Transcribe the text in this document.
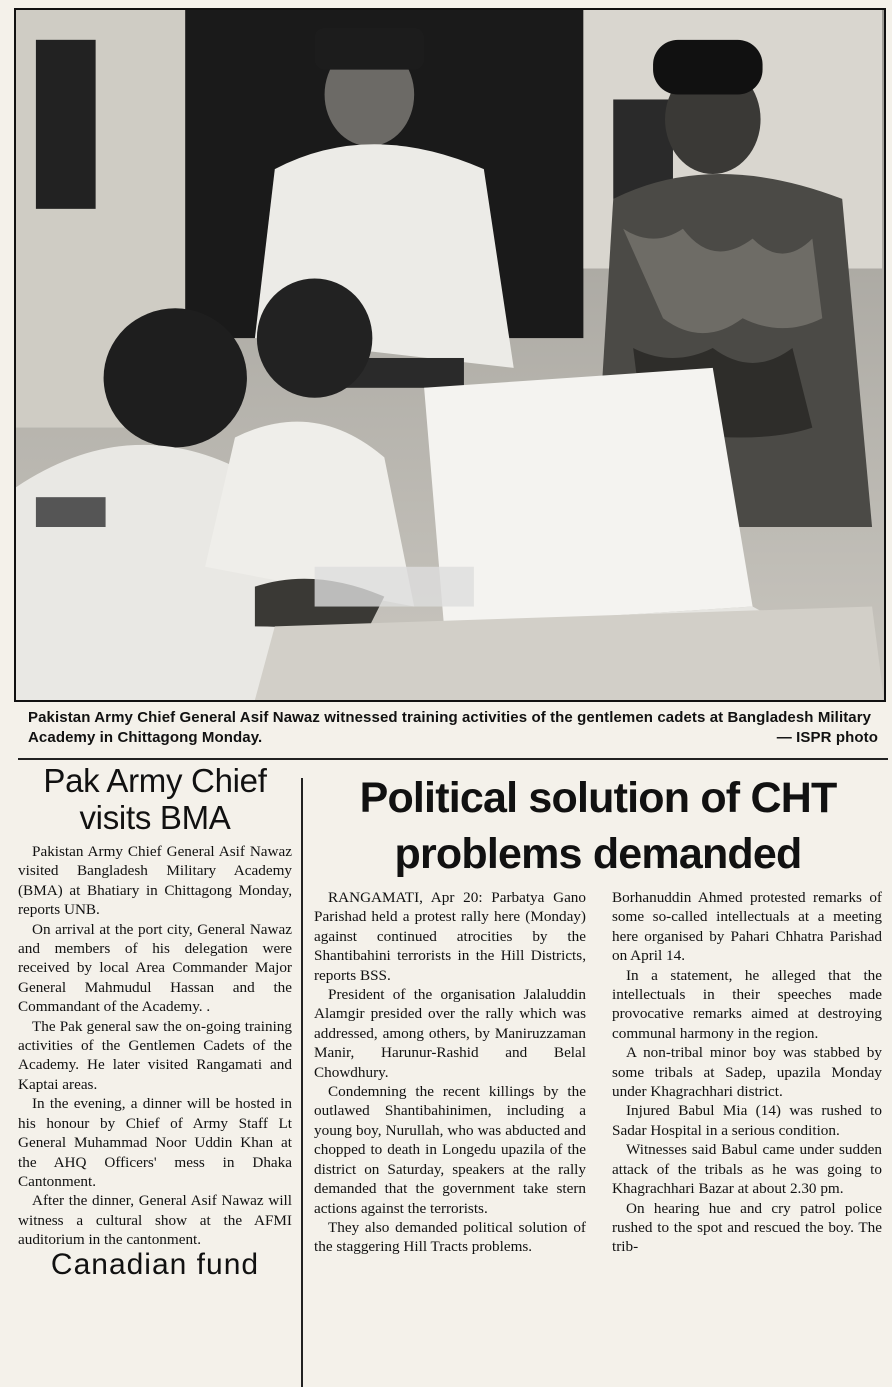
Pakistan Army Chief General Asif Nawaz witnessed training activities of the gentlemen cadets at Bangladesh Military Academy in Chittagong Monday.	— ISPR photo
Pak Army Chief visits BMA

Pakistan Army Chief General Asif Nawaz visited Bangladesh Military Academy (BMA) at Bhatiary in Chittagong Monday, reports UNB.

On arrival at the port city, General Nawaz and members of his delegation were received by local Area Commander Major General Mahmudul Hassan and the Commandant of the Academy. .

The Pak general saw the on-going training activities of the Gentlemen Cadets of the Academy. He later visited Rangamati and Kaptai areas.

In the evening, a dinner will be hosted in his honour by Chief of Army Staff Lt General Muhammad Noor Uddin Khan at the AHQ Officers' mess in Dhaka Cantonment.

After the dinner, General Asif Nawaz will witness a cultural show at the AFMI auditorium in the cantonment.

Canadian fund
Political solution of CHT problems demanded

RANGAMATI, Apr 20: Parbatya Gano Parishad held a protest rally here (Monday) against continued atrocities by the Shantibahini terrorists in the Hill Districts, reports BSS.

President of the organisation Jalaluddin Alamgir presided over the rally which was addressed, among others, by Maniruzzaman Manir, Harunur-Rashid and Belal Chowdhury.

Condemning the recent killings by the outlawed Shantibahinimen, including a young boy, Nurullah, who was abducted and chopped to death in Longedu upazila of the district on Saturday, speakers at the rally demanded that the government take stern actions against the terrorists.

They also demanded political solution of the staggering Hill Tracts problems.

Borhanuddin Ahmed protested remarks of some so-called intellectuals at a meeting here organised by Pahari Chhatra Parishad on April 14.

In a statement, he alleged that the intellectuals in their speeches made provocative remarks aimed at destroying communal harmony in the region.

A non-tribal minor boy was stabbed by some tribals at Sadep, upazila Monday under Khagrachhari district.

Injured Babul Mia (14) was rushed to Sadar Hospital in a serious condition.

Witnesses said Babul came under sudden attack of the tribals as he was going to Khagrachhari Bazar at about 2.30 pm.

On hearing hue and cry patrol police rushed to the spot and rescued the boy. The trib-
